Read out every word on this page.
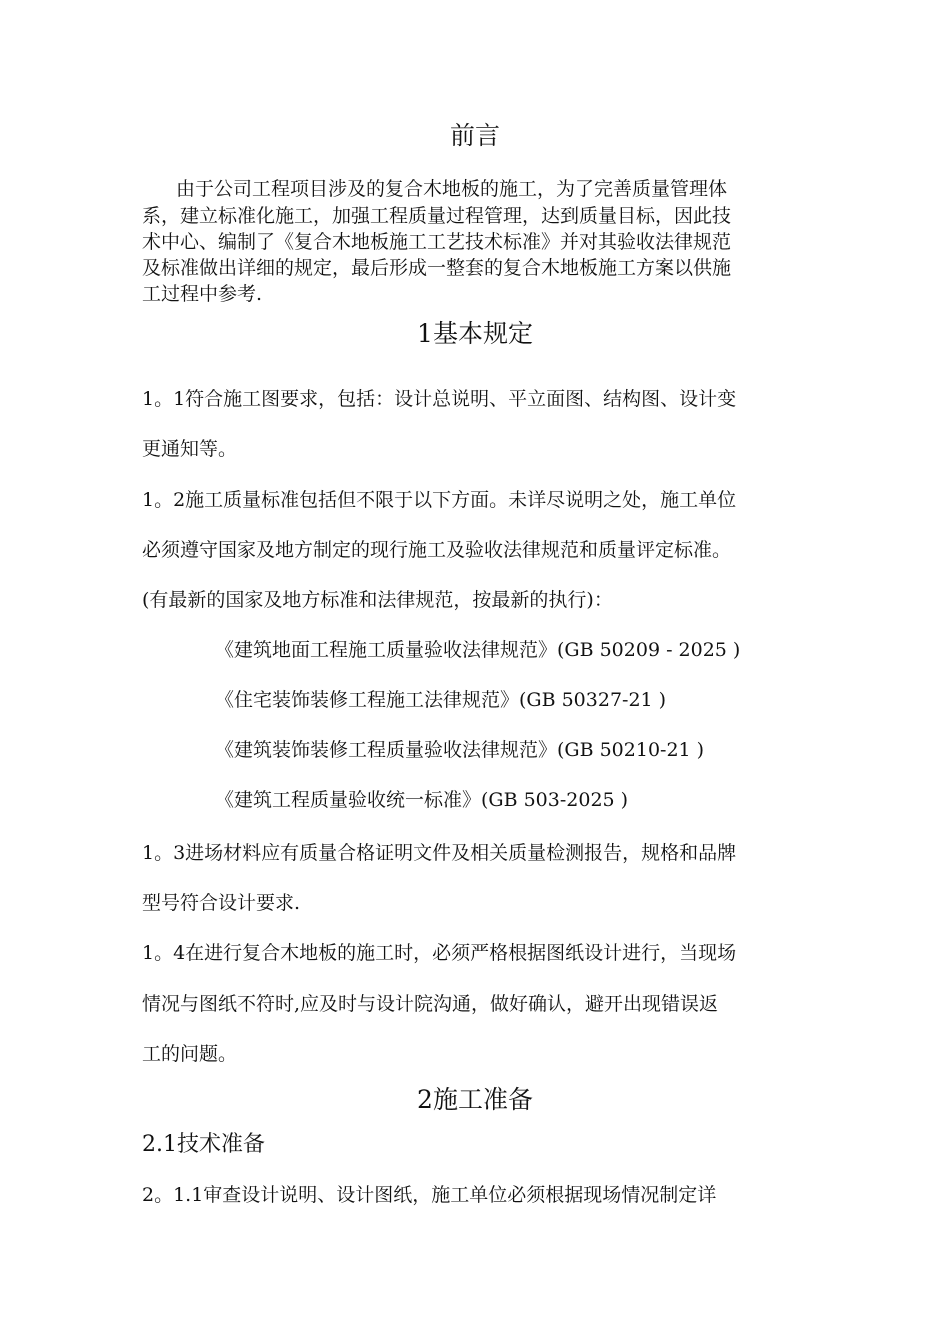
前言
由于公司工程项目涉及的复合木地板的施工，为了完善质量管理体
系，建立标准化施工，加强工程质量过程管理，达到质量目标，因此技
术中心、编制了《复合木地板施工工艺技术标准》并对其验收法律规范
及标准做出详细的规定，最后形成一整套的复合木地板施工方案以供施
工过程中参考.
1基本规定
1。1符合施工图要求，包括：设计总说明、平立面图、结构图、设计变
更通知等。
1。2施工质量标准包括但不限于以下方面。未详尽说明之处，施工单位
必须遵守国家及地方制定的现行施工及验收法律规范和质量评定标准。
(有最新的国家及地方标准和法律规范，按最新的执行)：
《建筑地面工程施工质量验收法律规范》(GB 50209 - 2025 )
《住宅装饰装修工程施工法律规范》(GB 50327-21 )
《建筑装饰装修工程质量验收法律规范》(GB 50210-21 )
《建筑工程质量验收统一标准》(GB 503-2025 )
1。3进场材料应有质量合格证明文件及相关质量检测报告，规格和品牌
型号符合设计要求.
1。4在进行复合木地板的施工时，必须严格根据图纸设计进行，当现场
情况与图纸不符时,应及时与设计院沟通，做好确认，避开出现错误返
工的问题。
2施工准备
2.1技术准备
2。1.1审查设计说明、设计图纸，施工单位必须根据现场情况制定详
